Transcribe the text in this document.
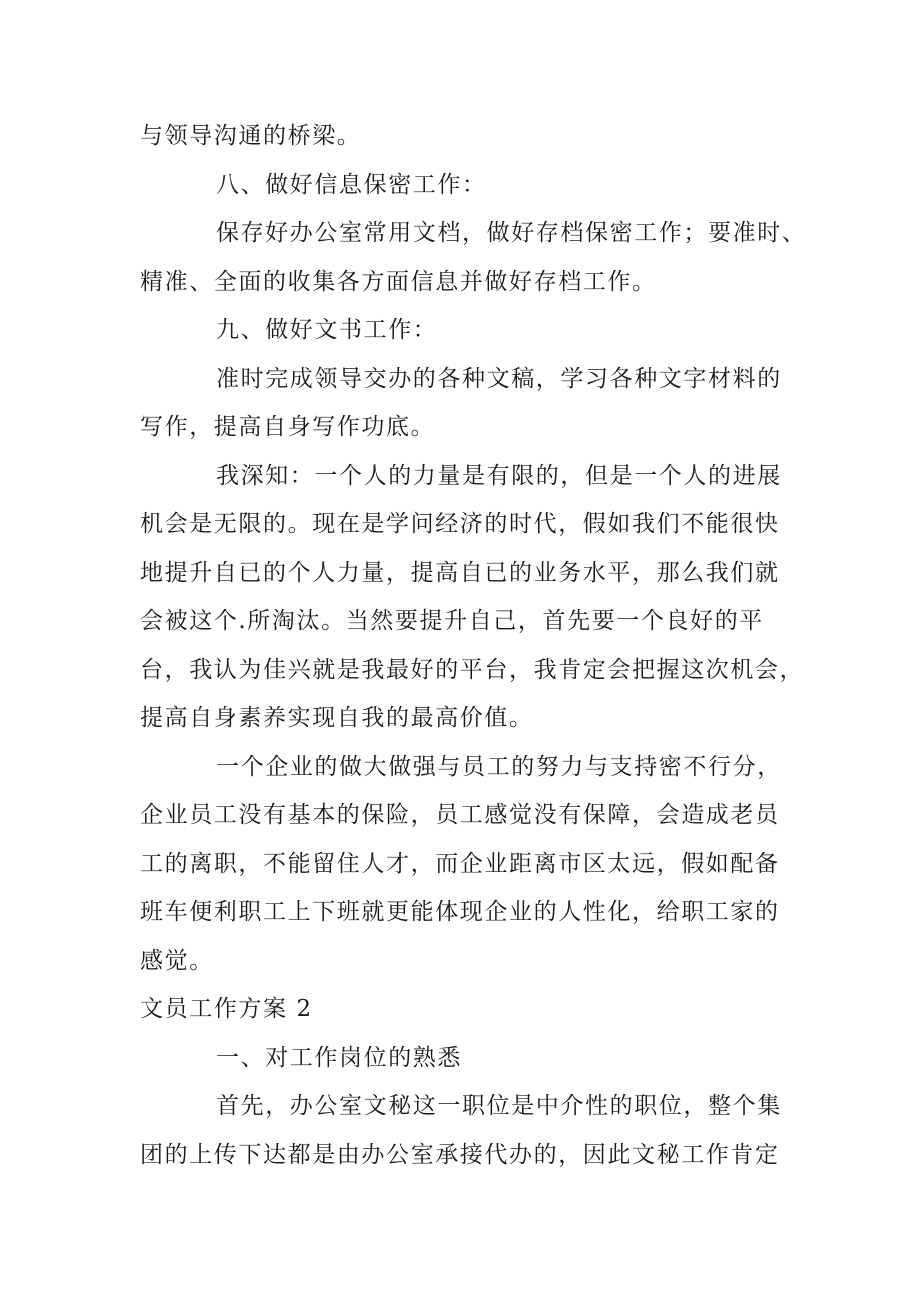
与领导沟通的桥梁。
八、做好信息保密工作：
保存好办公室常用文档，做好存档保密工作；要准时、
精准、全面的收集各方面信息并做好存档工作。
九、做好文书工作：
准时完成领导交办的各种文稿，学习各种文字材料的
写作，提高自身写作功底。
我深知：一个人的力量是有限的，但是一个人的进展
机会是无限的。现在是学问经济的时代，假如我们不能很快
地提升自已的个人力量，提高自已的业务水平，那么我们就
会被这个.所淘汰。当然要提升自己，首先要一个良好的平
台，我认为佳兴就是我最好的平台，我肯定会把握这次机会，
提高自身素养实现自我的最高价值。
一个企业的做大做强与员工的努力与支持密不行分，
企业员工没有基本的保险，员工感觉没有保障，会造成老员
工的离职，不能留住人才，而企业距离市区太远，假如配备
班车便利职工上下班就更能体现企业的人性化，给职工家的
感觉。
文员工作方案 2
一、对工作岗位的熟悉
首先，办公室文秘这一职位是中介性的职位，整个集
团的上传下达都是由办公室承接代办的，因此文秘工作肯定
